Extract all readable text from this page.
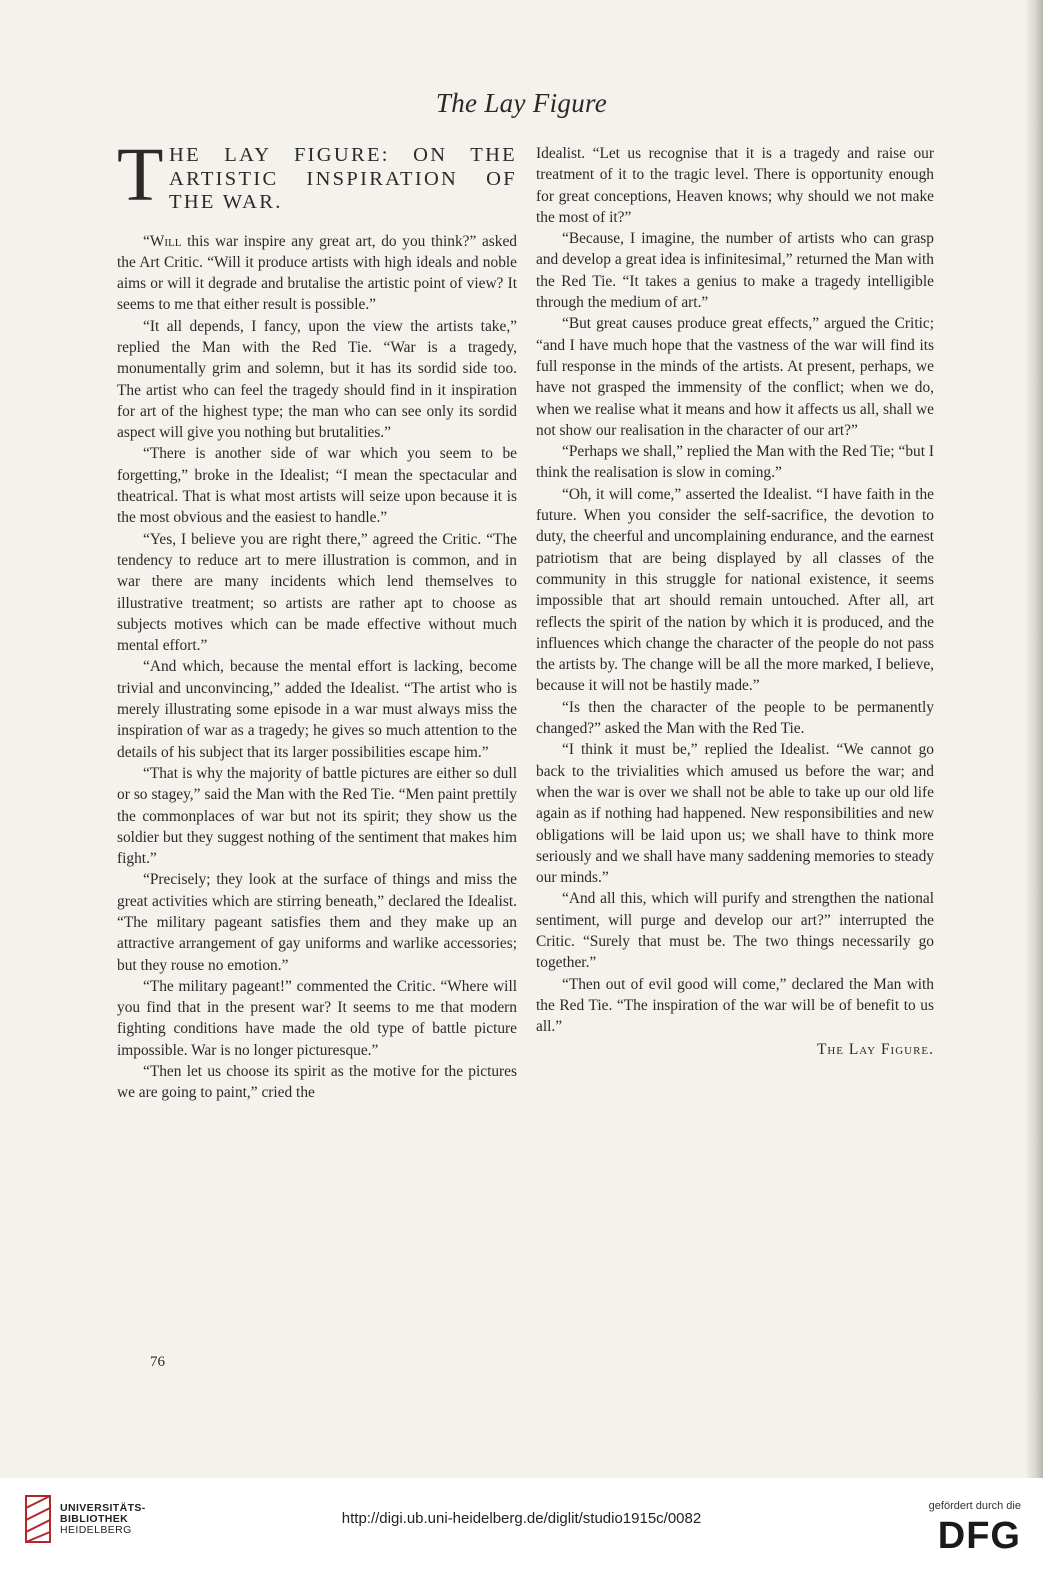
The Lay Figure
T HE LAY FIGURE: ON THE ARTISTIC INSPIRATION OF THE WAR.

“Will this war inspire any great art, do you think?” asked the Art Critic. “Will it produce artists with high ideals and noble aims or will it degrade and brutalise the artistic point of view? It seems to me that either result is possible.”

“It all depends, I fancy, upon the view the artists take,” replied the Man with the Red Tie. “War is a tragedy, monumentally grim and solemn, but it has its sordid side too. The artist who can feel the tragedy should find in it inspiration for art of the highest type; the man who can see only its sordid aspect will give you nothing but brutalities.”

“There is another side of war which you seem to be forgetting,” broke in the Idealist; “I mean the spectacular and theatrical. That is what most artists will seize upon because it is the most obvious and the easiest to handle.”

“Yes, I believe you are right there,” agreed the Critic. “The tendency to reduce art to mere illustration is common, and in war there are many incidents which lend themselves to illustrative treatment; so artists are rather apt to choose as subjects motives which can be made effective without much mental effort.”

“And which, because the mental effort is lacking, become trivial and unconvincing,” added the Idealist. “The artist who is merely illustrating some episode in a war must always miss the inspiration of war as a tragedy; he gives so much attention to the details of his subject that its larger possibilities escape him.”

“That is why the majority of battle pictures are either so dull or so stagey,” said the Man with the Red Tie. “Men paint prettily the commonplaces of war but not its spirit; they show us the soldier but they suggest nothing of the sentiment that makes him fight.”

“Precisely; they look at the surface of things and miss the great activities which are stirring beneath,” declared the Idealist. “The military pageant satisfies them and they make up an attractive arrangement of gay uniforms and warlike accessories; but they rouse no emotion.”

“The military pageant!” commented the Critic. “Where will you find that in the present war? It seems to me that modern fighting conditions have made the old type of battle picture impossible. War is no longer picturesque.”

“Then let us choose its spirit as the motive for the pictures we are going to paint,” cried the

Idealist. “Let us recognise that it is a tragedy and raise our treatment of it to the tragic level. There is opportunity enough for great conceptions, Heaven knows; why should we not make the most of it?”

“Because, I imagine, the number of artists who can grasp and develop a great idea is infinitesimal,” returned the Man with the Red Tie. “It takes a genius to make a tragedy intelligible through the medium of art.”

“But great causes produce great effects,” argued the Critic; “and I have much hope that the vastness of the war will find its full response in the minds of the artists. At present, perhaps, we have not grasped the immensity of the conflict; when we do, when we realise what it means and how it affects us all, shall we not show our realisation in the character of our art?”

“Perhaps we shall,” replied the Man with the Red Tie; “but I think the realisation is slow in coming.”

“Oh, it will come,” asserted the Idealist. “I have faith in the future. When you consider the self-sacrifice, the devotion to duty, the cheerful and uncomplaining endurance, and the earnest patriotism that are being displayed by all classes of the community in this struggle for national existence, it seems impossible that art should remain untouched. After all, art reflects the spirit of the nation by which it is produced, and the influences which change the character of the people do not pass the artists by. The change will be all the more marked, I believe, because it will not be hastily made.”

“Is then the character of the people to be permanently changed?” asked the Man with the Red Tie.

“I think it must be,” replied the Idealist. “We cannot go back to the trivialities which amused us before the war; and when the war is over we shall not be able to take up our old life again as if nothing had happened. New responsibilities and new obligations will be laid upon us; we shall have to think more seriously and we shall have many saddening memories to steady our minds.”

“And all this, which will purify and strengthen the national sentiment, will purge and develop our art?” interrupted the Critic. “Surely that must be. The two things necessarily go together.”

“Then out of evil good will come,” declared the Man with the Red Tie. “The inspiration of the war will be of benefit to us all.”

The Lay Figure.
76
UNIVERSITÄTS-
BIBLIOTHEK
HEIDELBERG
http://digi.ub.uni-heidelberg.de/diglit/studio1915c/0082
gefördert durch die
DFG
